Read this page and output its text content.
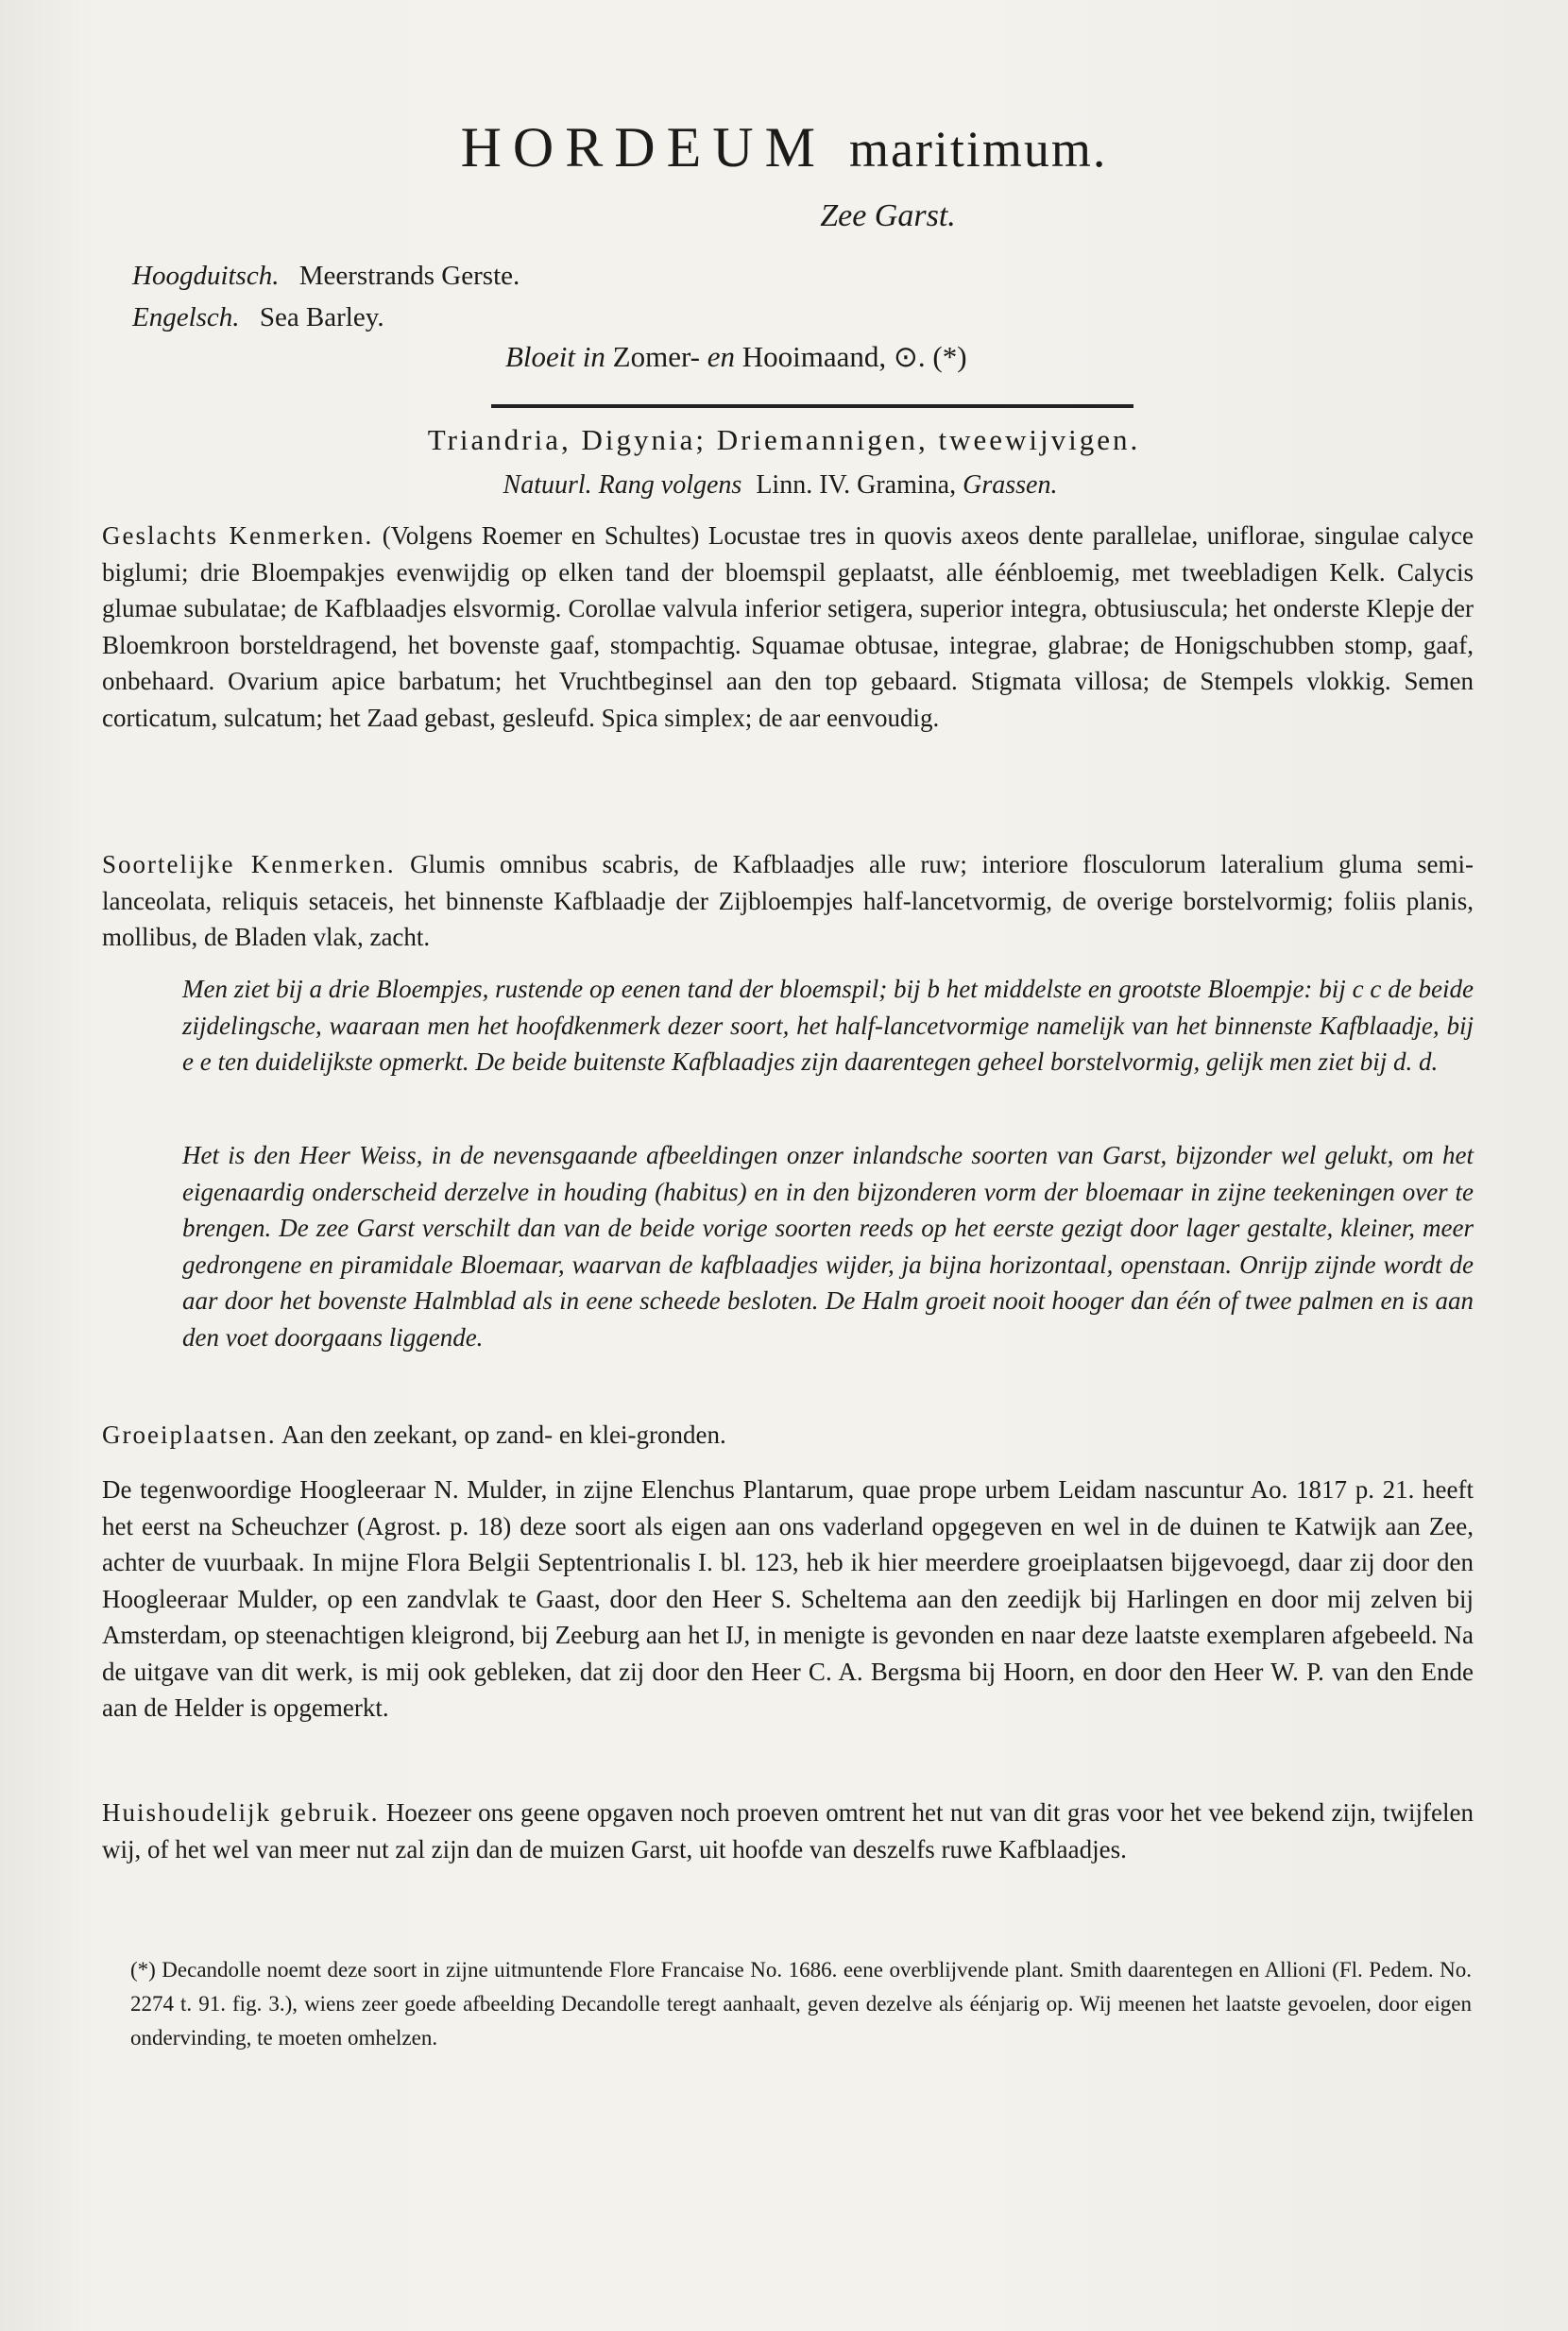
HORDEUM maritimum.
Zee Garst.
Hoogduitsch. Meerstrands Gerste.
Engelsch. Sea Barley.
Bloeit in Zomer- en Hooimaand, ⊙. (*)
Triandria, Digynia; Driemannigen, tweewijvigen.
Natuurl. Rang volgens Linn. IV. Gramina, Grassen.

Geslachts Kenmerken. (Volgens Roemer en Schultes) Locustae tres in quovis axeos dente parallelae, uniflorae, singulae calyce biglumi; drie Bloempakjes evenwijdig op elken tand der bloemspil geplaatst, alle éénbloemig, met tweebladigen Kelk. Calycis glumae subulatae; de Kafblaadjes elsvormig. Corollae valvula inferior setigera, superior integra, obtusiuscula; het onderste Klepje der Bloemkroon borsteldragend, het bovenste gaaf, stompachtig. Squamae obtusae, integrae, glabrae; de Honigschubben stomp, gaaf, onbehaard. Ovarium apice barbatum; het Vruchtbeginsel aan den top gebaard. Stigmata villosa; de Stempels vlokkig. Semen corticatum, sulcatum; het Zaad gebast, gesleufd. Spica simplex; de aar eenvoudig.

Soortelijke Kenmerken. Glumis omnibus scabris, de Kafblaadjes alle ruw; interiore flosculorum lateralium gluma semi-lanceolata, reliquis setaceis, het binnenste Kafblaadje der Zijbloempjes half-lancetvormig, de overige borstelvormig; foliis planis, mollibus, de Bladen vlak, zacht.

Men ziet bij a drie Bloempjes, rustende op eenen tand der bloemspil; bij b het middelste en grootste Bloempje: bij c c de beide zijdelingsche, waaraan men het hoofdkenmerk dezer soort, het half-lancetvormige namelijk van het binnenste Kafblaadje, bij e e ten duidelijkste opmerkt. De beide buitenste Kafblaadjes zijn daarentegen geheel borstelvormig, gelijk men ziet bij d. d.

Het is den Heer Weiss, in de nevensgaande afbeeldingen onzer inlandsche soorten van Garst, bijzonder wel gelukt, om het eigenaardig onderscheid derzelve in houding (habitus) en in den bijzonderen vorm der bloemaar in zijne teekeningen over te brengen. De zee Garst verschilt dan van de beide vorige soorten reeds op het eerste gezigt door lager gestalte, kleiner, meer gedrongene en piramidale Bloemaar, waarvan de kafblaadjes wijder, ja bijna horizontaal, openstaan. Onrijp zijnde wordt de aar door het bovenste Halmblad als in eene scheede besloten. De Halm groeit nooit hooger dan één of twee palmen en is aan den voet doorgaans liggende.

Groeiplaatsen. Aan den zeekant, op zand- en klei-gronden.

De tegenwoordige Hoogleeraar N. Mulder, in zijne Elenchus Plantarum, quae prope urbem Leidam nascuntur Ao. 1817 p. 21. heeft het eerst na Scheuchzer (Agrost. p. 18) deze soort als eigen aan ons vaderland opgegeven en wel in de duinen te Katwijk aan Zee, achter de vuurbaak. In mijne Flora Belgii Septentrionalis I. bl. 123, heb ik hier meerdere groeiplaatsen bijgevoegd, daar zij door den Hoogleeraar Mulder, op een zandvlak te Gaast, door den Heer S. Scheltema aan den zeedijk bij Harlingen en door mij zelven bij Amsterdam, op steenachtigen kleigrond, bij Zeeburg aan het IJ, in menigte is gevonden en naar deze laatste exemplaren afgebeeld. Na de uitgave van dit werk, is mij ook gebleken, dat zij door den Heer C. A. Bergsma bij Hoorn, en door den Heer W. P. van den Ende aan de Helder is opgemerkt.

Huishoudelijk gebruik. Hoezeer ons geene opgaven noch proeven omtrent het nut van dit gras voor het vee bekend zijn, twijfelen wij, of het wel van meer nut zal zijn dan de muizen Garst, uit hoofde van deszelfs ruwe Kafblaadjes.

(*) Decandolle noemt deze soort in zijne uitmuntende Flore Francaise No. 1686. eene overblijvende plant. Smith daarentegen en Allioni (Fl. Pedem. No. 2274 t. 91. fig. 3.), wiens zeer goede afbeelding Decandolle teregt aanhaalt, geven dezelve als éénjarig op. Wij meenen het laatste gevoelen, door eigen ondervinding, te moeten omhelzen.
